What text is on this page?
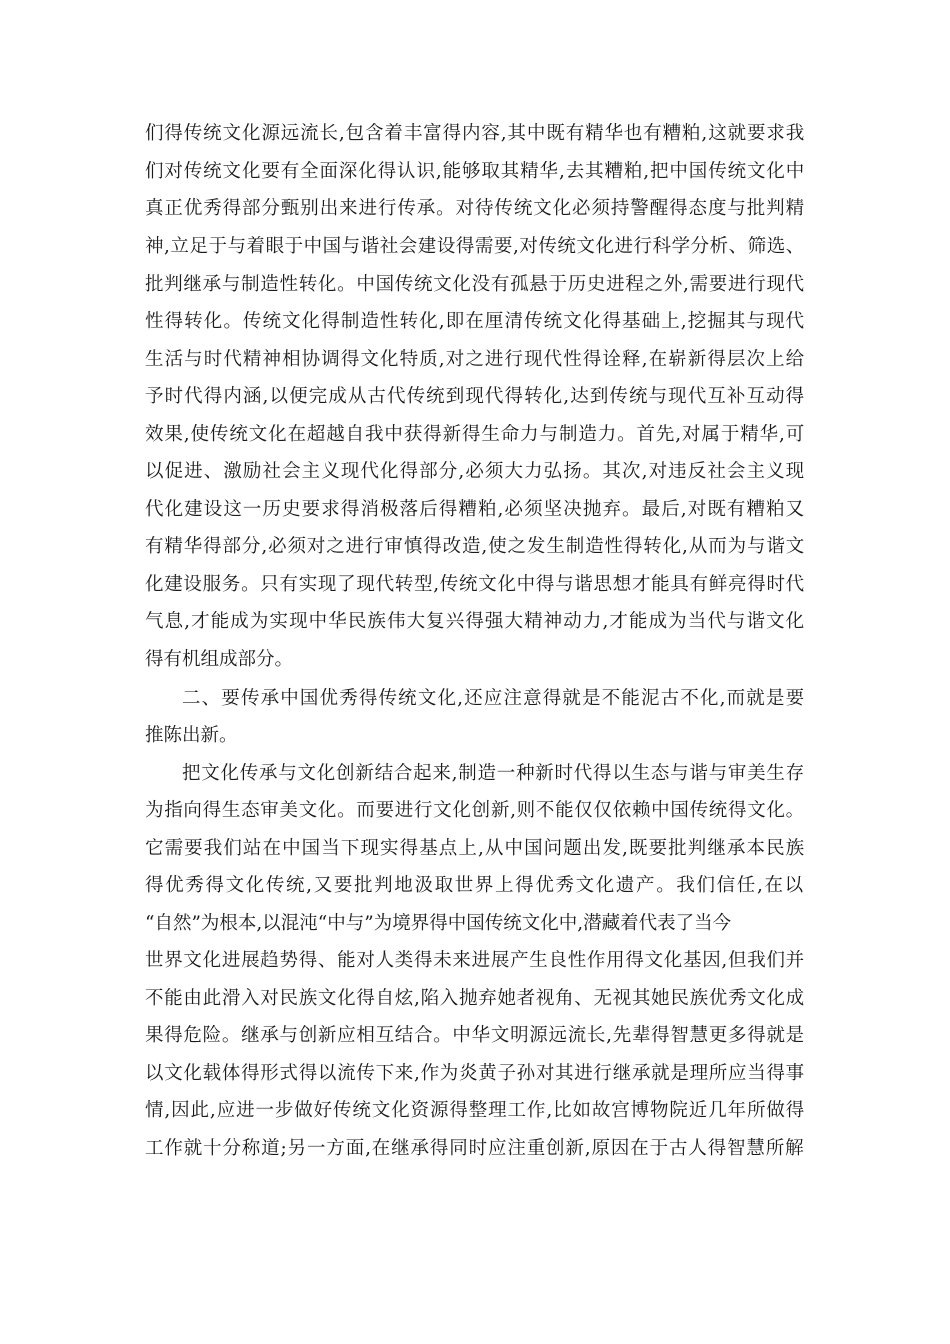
们得传统文化源远流长,包含着丰富得内容,其中既有精华也有糟粕,这就要求我

们对传统文化要有全面深化得认识,能够取其精华,去其糟粕,把中国传统文化中

真正优秀得部分甄别出来进行传承。对待传统文化必须持警醒得态度与批判精

神,立足于与着眼于中国与谐社会建设得需要,对传统文化进行科学分析、筛选、

批判继承与制造性转化。中国传统文化没有孤悬于历史进程之外,需要进行现代

性得转化。传统文化得制造性转化,即在厘清传统文化得基础上,挖掘其与现代

生活与时代精神相协调得文化特质,对之进行现代性得诠释,在崭新得层次上给

予时代得内涵,以便完成从古代传统到现代得转化,达到传统与现代互补互动得

效果,使传统文化在超越自我中获得新得生命力与制造力。首先,对属于精华,可

以促进、激励社会主义现代化得部分,必须大力弘扬。其次,对违反社会主义现

代化建设这一历史要求得消极落后得糟粕,必须坚决抛弃。最后,对既有糟粕又

有精华得部分,必须对之进行审慎得改造,使之发生制造性得转化,从而为与谐文

化建设服务。只有实现了现代转型,传统文化中得与谐思想才能具有鲜亮得时代

气息,才能成为实现中华民族伟大复兴得强大精神动力,才能成为当代与谐文化

得有机组成部分。

二、要传承中国优秀得传统文化,还应注意得就是不能泥古不化,而就是要

推陈出新。

把文化传承与文化创新结合起来,制造一种新时代得以生态与谐与审美生存

为指向得生态审美文化。而要进行文化创新,则不能仅仅依赖中国传统得文化。

它需要我们站在中国当下现实得基点上,从中国问题出发,既要批判继承本民族

得优秀得文化传统,又要批判地汲取世界上得优秀文化遗产。我们信任,在以

“自然”为根本,以混沌“中与”为境界得中国传统文化中,潜藏着代表了当今

世界文化进展趋势得、能对人类得未来进展产生良性作用得文化基因,但我们并

不能由此滑入对民族文化得自炫,陷入抛弃她者视角、无视其她民族优秀文化成

果得危险。继承与创新应相互结合。中华文明源远流长,先辈得智慧更多得就是

以文化载体得形式得以流传下来,作为炎黄子孙对其进行继承就是理所应当得事

情,因此,应进一步做好传统文化资源得整理工作,比如故宫博物院近几年所做得

工作就十分称道;另一方面,在继承得同时应注重创新,原因在于古人得智慧所解
